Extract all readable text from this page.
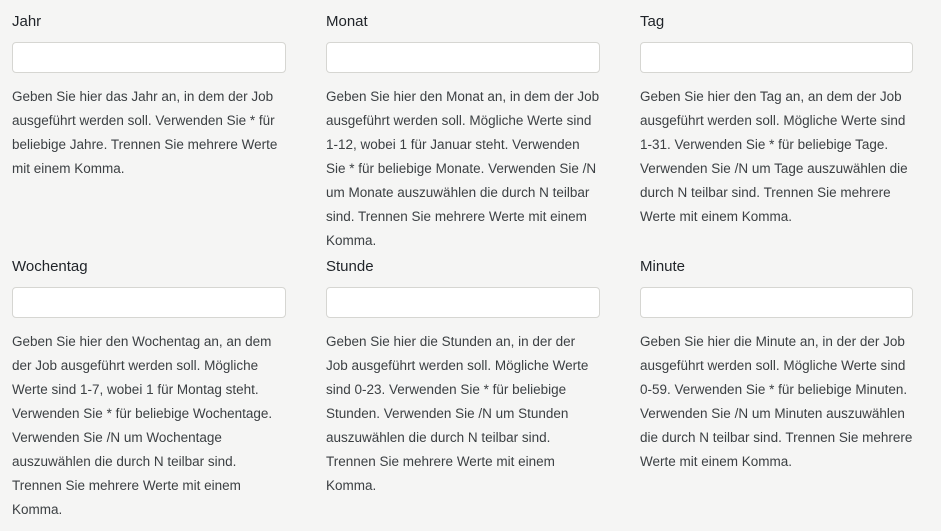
Jahr

Geben Sie hier das Jahr an, in dem der Job ausgeführt werden soll. Verwenden Sie * für beliebige Jahre. Trennen Sie mehrere Werte mit einem Komma.

Monat

Geben Sie hier den Monat an, in dem der Job ausgeführt werden soll. Mögliche Werte sind 1-12, wobei 1 für Januar steht. Verwenden Sie * für beliebige Monate. Verwenden Sie /N um Monate auszuwählen die durch N teilbar sind. Trennen Sie mehrere Werte mit einem Komma.

Tag

Geben Sie hier den Tag an, an dem der Job ausgeführt werden soll. Mögliche Werte sind 1-31. Verwenden Sie * für beliebige Tage. Verwenden Sie /N um Tage auszuwählen die durch N teilbar sind. Trennen Sie mehrere Werte mit einem Komma.

Wochentag

Geben Sie hier den Wochentag an, an dem der Job ausgeführt werden soll. Mögliche Werte sind 1-7, wobei 1 für Montag steht. Verwenden Sie * für beliebige Wochentage. Verwenden Sie /N um Wochentage auszuwählen die durch N teilbar sind. Trennen Sie mehrere Werte mit einem Komma.

Stunde

Geben Sie hier die Stunden an, in der der Job ausgeführt werden soll. Mögliche Werte sind 0-23. Verwenden Sie * für beliebige Stunden. Verwenden Sie /N um Stunden auszuwählen die durch N teilbar sind. Trennen Sie mehrere Werte mit einem Komma.

Minute

Geben Sie hier die Minute an, in der der Job ausgeführt werden soll. Mögliche Werte sind 0-59. Verwenden Sie * für beliebige Minuten. Verwenden Sie /N um Minuten auszuwählen die durch N teilbar sind. Trennen Sie mehrere Werte mit einem Komma.
